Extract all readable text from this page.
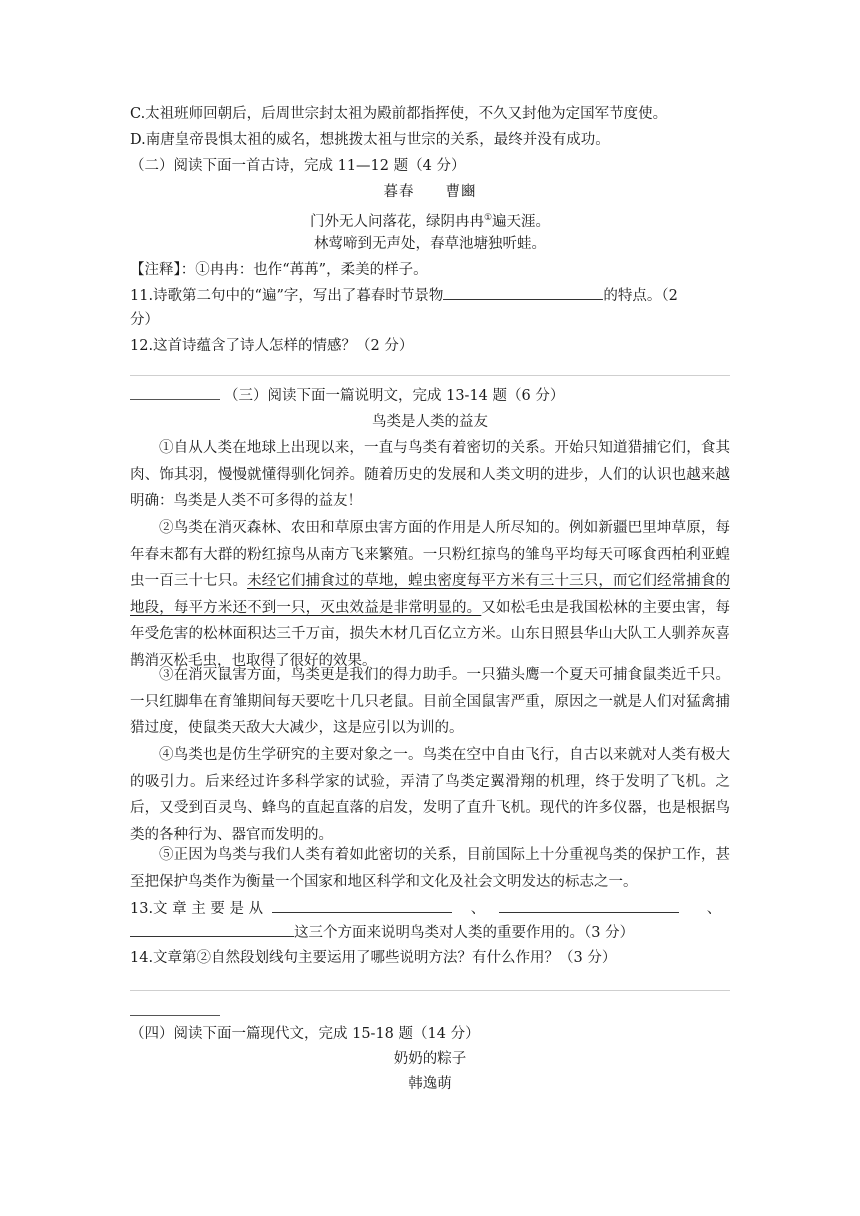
C.太祖班师回朝后，后周世宗封太祖为殿前都指挥使，不久又封他为定国军节度使。
D.南唐皇帝畏惧太祖的威名，想挑拨太祖与世宗的关系，最终并没有成功。
（二）阅读下面一首古诗，完成 11—12 题（4 分）
暮春   曹豳
门外无人问落花，绿阴冉冉①遍天涯。
林莺啼到无声处，春草池塘独听蛙。
【注释】：①冉冉：也作“苒苒”，柔美的样子。
11.诗歌第二句中的“遍”字，写出了暮春时节景物	的特点。（2
分）
12.这首诗蕴含了诗人怎样的情感？（2 分）
（三）阅读下面一篇说明文，完成 13-14 题（6 分）
鸟类是人类的益友
①自从人类在地球上出现以来，一直与鸟类有着密切的关系。开始只知道猎捕它们，食其肉、饰其羽，慢慢就懂得驯化饲养。随着历史的发展和人类文明的进步，人们的认识也越来越明确：鸟类是人类不可多得的益友！
②鸟类在消灭森林、农田和草原虫害方面的作用是人所尽知的。例如新疆巴里坤草原，每年春末都有大群的粉红掠鸟从南方飞来繁殖。一只粉红掠鸟的雏鸟平均每天可啄食西柏利亚蝗虫一百三十七只。未经它们捕食过的草地，蝗虫密度每平方米有三十三只，而它们经常捕食的地段，每平方米还不到一只，灭虫效益是非常明显的。又如松毛虫是我国松林的主要虫害，每年受危害的松林面积达三千万亩，损失木材几百亿立方米。山东日照县华山大队工人驯养灰喜鹊消灭松毛虫，也取得了很好的效果。
③在消灭鼠害方面，鸟类更是我们的得力助手。一只猫头鹰一个夏天可捕食鼠类近千只。一只红脚隼在育雏期间每天要吃十几只老鼠。目前全国鼠害严重，原因之一就是人们对猛禽捕猎过度，使鼠类天敌大大减少，这是应引以为训的。
④鸟类也是仿生学研究的主要对象之一。鸟类在空中自由飞行，自古以来就对人类有极大的吸引力。后来经过许多科学家的试验，弄清了鸟类定翼滑翔的机理，终于发明了飞机。之后，又受到百灵鸟、蜂鸟的直起直落的启发，发明了直升飞机。现代的许多仪器，也是根据鸟类的各种行为、器官而发明的。
⑤正因为鸟类与我们人类有着如此密切的关系，目前国际上十分重视鸟类的保护工作，甚至把保护鸟类作为衡量一个国家和地区科学和文化及社会文明发达的标志之一。
13.文 章 主 要 是 从	、	、
这三个方面来说明鸟类对人类的重要作用的。（3 分）
14.文章第②自然段划线句主要运用了哪些说明方法？有什么作用？（3 分）
（四）阅读下面一篇现代文，完成 15-18 题（14 分）
奶奶的粽子
韩逸萌
